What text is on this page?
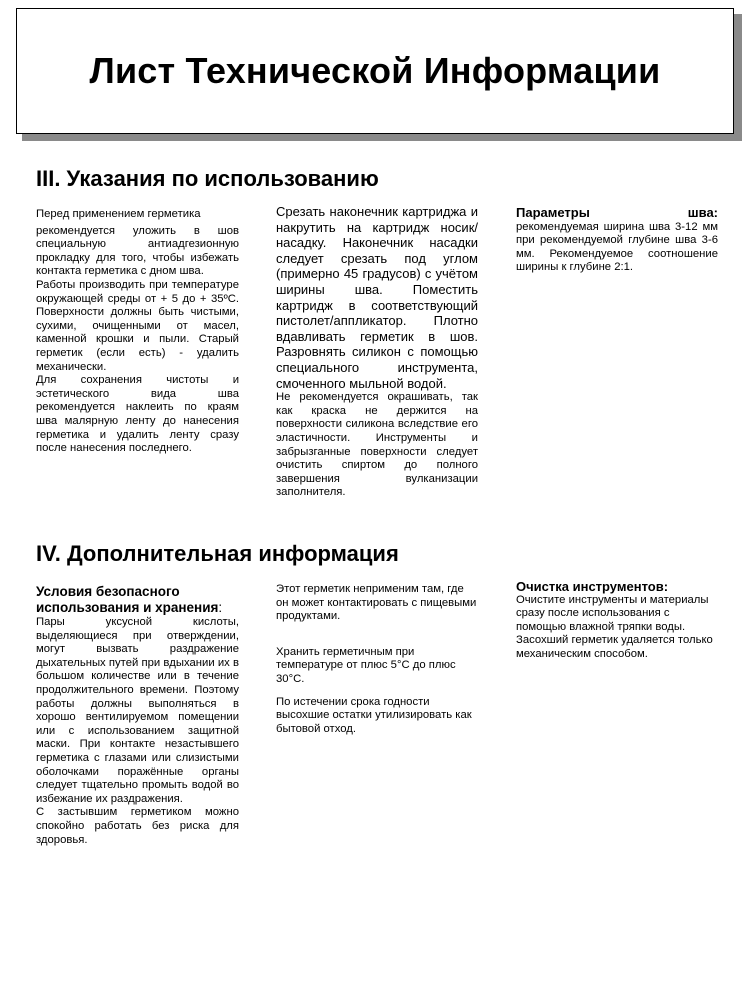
Лист Технической Информации
III. Указания по использованию

Перед применением герметика

рекомендуется уложить в шов специальную антиадгезионную прокладку для того, чтобы избежать контакта герметика с дном шва.

Работы производить при температуре окружающей среды от + 5 до + 35ºС. Поверхности должны быть чистыми, сухими, очищенными от масел, каменной крошки и пыли. Старый герметик (если есть) - удалить механически.

Для сохранения чистоты и эстетического вида шва рекомендуется наклеить по краям шва малярную ленту до нанесения герметика и удалить ленту сразу после нанесения последнего.

Срезать наконечник картриджа и накрутить на картридж носик/насадку. Наконечник насадки следует срезать под углом (примерно 45 градусов) с учётом ширины шва. Поместить картридж в соответствующий пистолет/аппликатор. Плотно вдавливать герметик в шов. Разровнять силикон с помощью специального инструмента, смоченного мыльной водой.

Не рекомендуется окрашивать, так как краска не держится на поверхности силикона вследствие его эластичности. Инструменты и забрызганные поверхности следует очистить спиртом до полного завершения вулканизации заполнителя.

Параметры шва:

рекомендуемая ширина шва 3-12 мм при рекомендуемой глубине шва 3-6 мм. Рекомендуемое соотношение ширины к глубине 2:1.

IV. Дополнительная информация

Условия безопасного использования и хранения:

Пары уксусной кислоты, выделяющиеся при отверждении, могут вызвать раздражение дыхательных путей при вдыхании их в большом количестве или в течение продолжительного времени. Поэтому работы должны выполняться в хорошо вентилируемом помещении или с использованием защитной маски. При контакте незастывшего герметика с глазами или слизистыми оболочками поражённые органы следует тщательно промыть водой во избежание их раздражения.

С застывшим герметиком можно спокойно работать без риска для здоровья.

Этот герметик неприменим там, где он может контактировать с пищевыми продуктами.

Хранить герметичным при температуре от плюс 5°С до плюс 30°С.

По истечении срока годности высохшие остатки утилизировать как бытовой отход.

Очистка инструментов:

Очистите инструменты и материалы сразу после использования с помощью влажной тряпки воды. Засохший герметик удаляется только механическим способом.
